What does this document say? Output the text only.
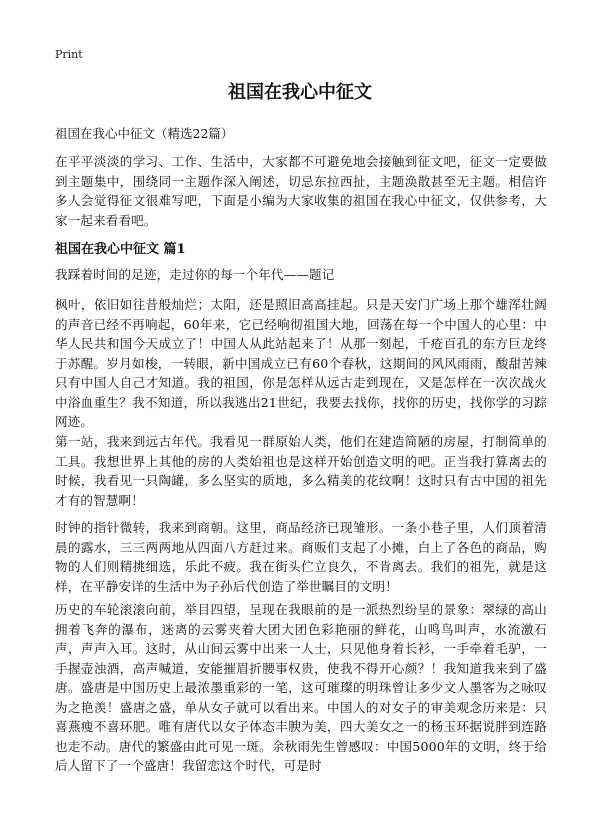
Print
祖国在我心中征文
祖国在我心中征文（精选22篇）
在平平淡淡的学习、工作、生活中，大家都不可避免地会接触到征文吧，征文一定要做到主题集中，围绕同一主题作深入阐述，切忌东拉西扯，主题涣散甚至无主题。相信许多人会觉得征文很难写吧，下面是小编为大家收集的祖国在我心中征文，仅供参考，大家一起来看看吧。
祖国在我心中征文 篇1
我踩着时间的足迹，走过你的每一个年代——题记
枫叶，依旧如往昔般灿烂；太阳，还是照旧高高挂起。只是天安门广场上那个雄浑壮阔的声音已经不再响起，60年来，它已经响彻祖国大地，回荡在每一个中国人的心里：中华人民共和国今天成立了！中国人从此站起来了！从那一刻起，千疮百孔的东方巨龙终于苏醒。岁月如梭，一转眼，新中国成立已有60个春秋，这期间的风风雨雨，酸甜苦辣只有中国人自己才知道。我的祖国，你是怎样从远古走到现在，又是怎样在一次次战火中浴血重生？我不知道，所以我逃出21世纪，我要去找你，找你的历史，找你学的习踪网迹。
第一站，我来到远古年代。我看见一群原始人类，他们在建造简陋的房屋，打制简单的工具。我想世界上其他的房的人类始祖也是这样开始创造文明的吧。正当我打算离去的时候，我看见一只陶罐，多么坚实的质地，多么精美的花纹啊！这时只有古中国的祖先才有的智慧啊！
时钟的指针微转，我来到商朝。这里，商品经济已现雏形。一条小巷子里，人们顶着清晨的露水，三三两两地从四面八方赶过来。商贩们支起了小摊，白上了各色的商品，购物的人们则精挑细选，乐此不疲。我在街头伫立良久，不肯离去。我们的祖先，就是这样，在平静安详的生活中为子孙后代创造了举世瞩目的文明！
历史的车轮滚滚向前，举目四望，呈现在我眼前的是一派热烈纷呈的景象：翠绿的高山拥着飞奔的瀑布，迷离的云雾夹着大团大团色彩艳丽的鲜花，山鸣鸟叫声，水流激石声，声声入耳。这时，从山间云雾中出来一人士，只见他身着长衫，一手牵着毛驴，一手握壶浊酒，高声喊道，安能摧眉折腰事权贵，使我不得开心颜？！我知道我来到了盛唐。盛唐是中国历史上最浓墨重彩的一笔，这可璀璨的明珠曾让多少文人墨客为之咏叹为之艳羡！盛唐之盛，单从女子就可以看出来。中国人的对女子的审美观念历来是：只喜燕瘦不喜环肥。唯有唐代以女子体态丰腴为美，四大美女之一的杨玉环据说胖到连路也走不动。唐代的繁盛由此可见一斑。余秋雨先生曾感叹：中国5000年的文明，终于给后人留下了一个盛唐！我留恋这个时代，可是时
